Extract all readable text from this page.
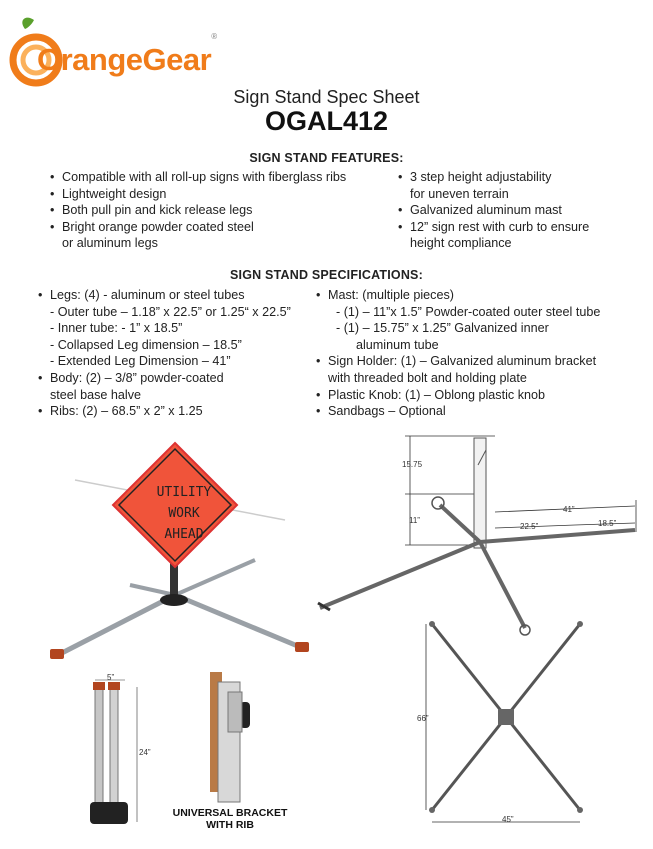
OrangeGear®
Sign Stand Spec Sheet
OGAL412
SIGN STAND FEATURES:
• Compatible with all roll-up signs with fiberglass ribs
• Lightweight design
• Both pull pin and kick release legs
• Bright orange powder coated steel
or aluminum legs
• 3 step height adjustability
for uneven terrain
• Galvanized aluminum mast
• 12” sign rest with curb to ensure
height compliance
SIGN STAND SPECIFICATIONS:
• Legs: (4) - aluminum or steel tubes
- Outer tube – 1.18” x 22.5” or 1.25“ x 22.5”
- Inner tube: - 1” x 18.5”
- Collapsed Leg dimension – 18.5”
- Extended Leg Dimension – 41”
• Body: (2) – 3/8” powder-coated
steel base halve
• Ribs: (2) – 68.5” x 2” x 1.25
• Mast: (multiple pieces)
- (1) – 11”x 1.5” Powder-coated outer steel tube
- (1) – 15.75” x 1.25” Galvanized inner
aluminum tube
• Sign Holder: (1) – Galvanized aluminum bracket
with threaded bolt and holding plate
• Plastic Knob: (1) – Oblong plastic knob
• Sandbags – Optional
UTILITY
WORK
AHEAD
15.75
11”
41”
22.5”	18.5”
5”
24”
UNIVERSAL BRACKET
WITH RIB
66”
45”
